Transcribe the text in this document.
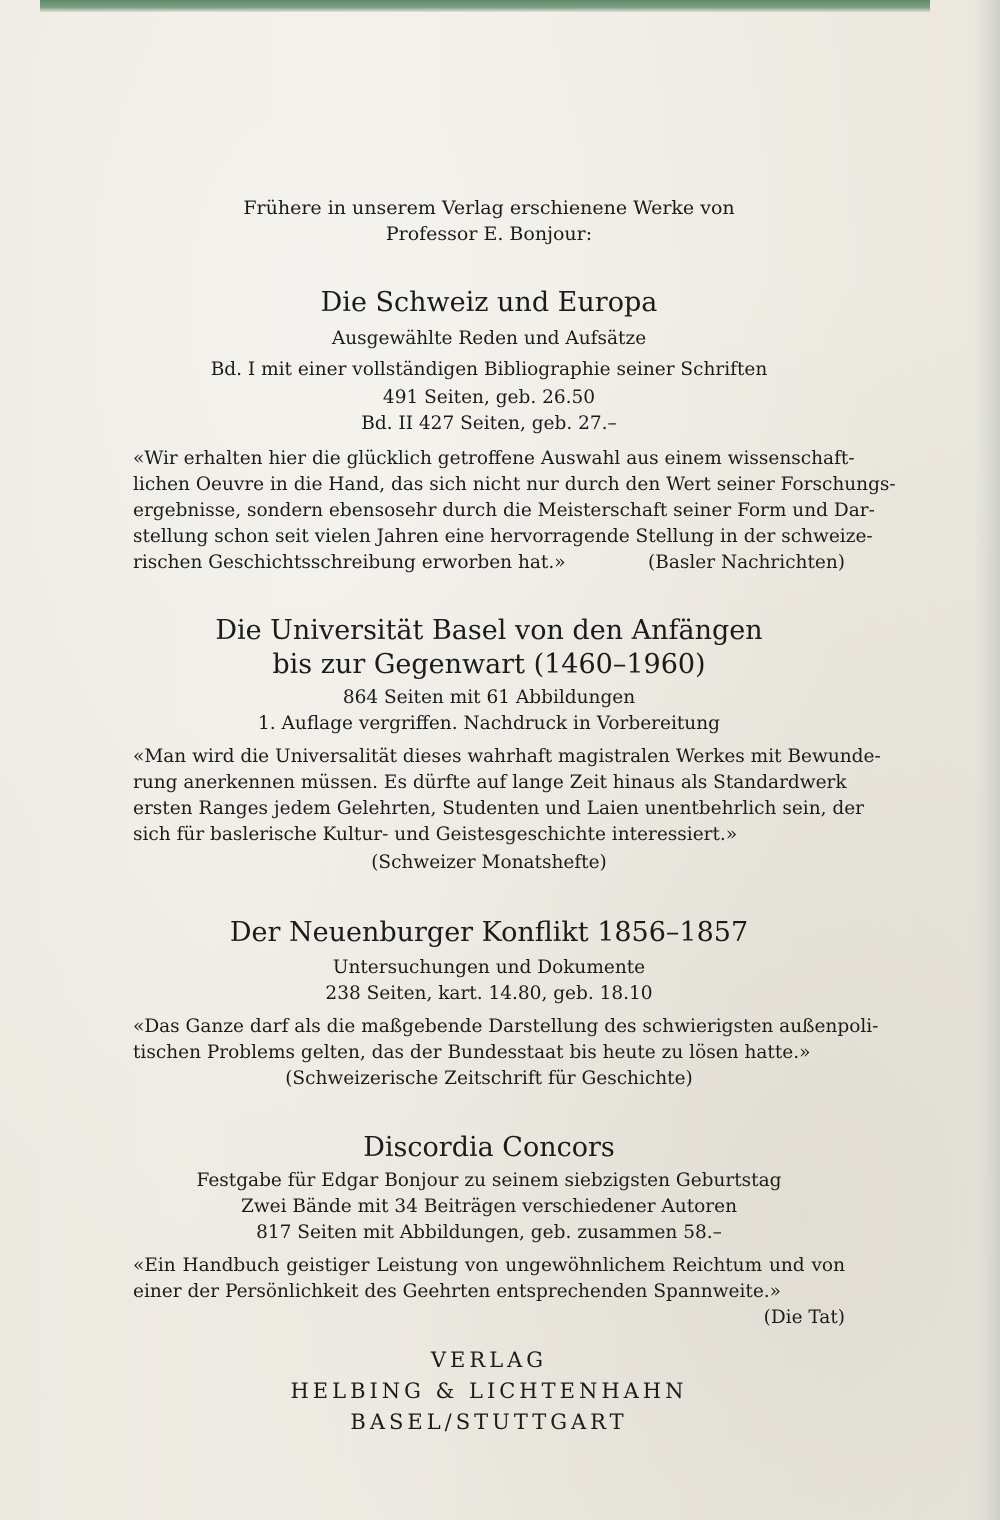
Frühere in unserem Verlag erschienene Werke von
Professor E. Bonjour:
Die Schweiz und Europa
Ausgewählte Reden und Aufsätze
Bd. I mit einer vollständigen Bibliographie seiner Schriften
491 Seiten, geb. 26.50
Bd. II 427 Seiten, geb. 27.–
«Wir erhalten hier die glücklich getroffene Auswahl aus einem wissenschaft-
lichen Oeuvre in die Hand, das sich nicht nur durch den Wert seiner Forschungs-
ergebnisse, sondern ebensosehr durch die Meisterschaft seiner Form und Dar-
stellung schon seit vielen Jahren eine hervorragende Stellung in der schweize-
rischen Geschichtsschreibung erworben hat.»	(Basler Nachrichten)
Die Universität Basel von den Anfängen
bis zur Gegenwart (1460–1960)
864 Seiten mit 61 Abbildungen
1. Auflage vergriffen. Nachdruck in Vorbereitung
«Man wird die Universalität dieses wahrhaft magistralen Werkes mit Bewunde-
rung anerkennen müssen. Es dürfte auf lange Zeit hinaus als Standardwerk
ersten Ranges jedem Gelehrten, Studenten und Laien unentbehrlich sein, der
sich für baslerische Kultur- und Geistesgeschichte interessiert.»
(Schweizer Monatshefte)
Der Neuenburger Konflikt 1856–1857
Untersuchungen und Dokumente
238 Seiten, kart. 14.80, geb. 18.10
«Das Ganze darf als die maßgebende Darstellung des schwierigsten außenpoli-
tischen Problems gelten, das der Bundesstaat bis heute zu lösen hatte.»
(Schweizerische Zeitschrift für Geschichte)
Discordia Concors
Festgabe für Edgar Bonjour zu seinem siebzigsten Geburtstag
Zwei Bände mit 34 Beiträgen verschiedener Autoren
817 Seiten mit Abbildungen, geb. zusammen 58.–
«Ein Handbuch geistiger Leistung von ungewöhnlichem Reichtum und von
einer der Persönlichkeit des Geehrten entsprechenden Spannweite.»
(Die Tat)
VERLAG
HELBING & LICHTENHAHN
BASEL/STUTTGART
